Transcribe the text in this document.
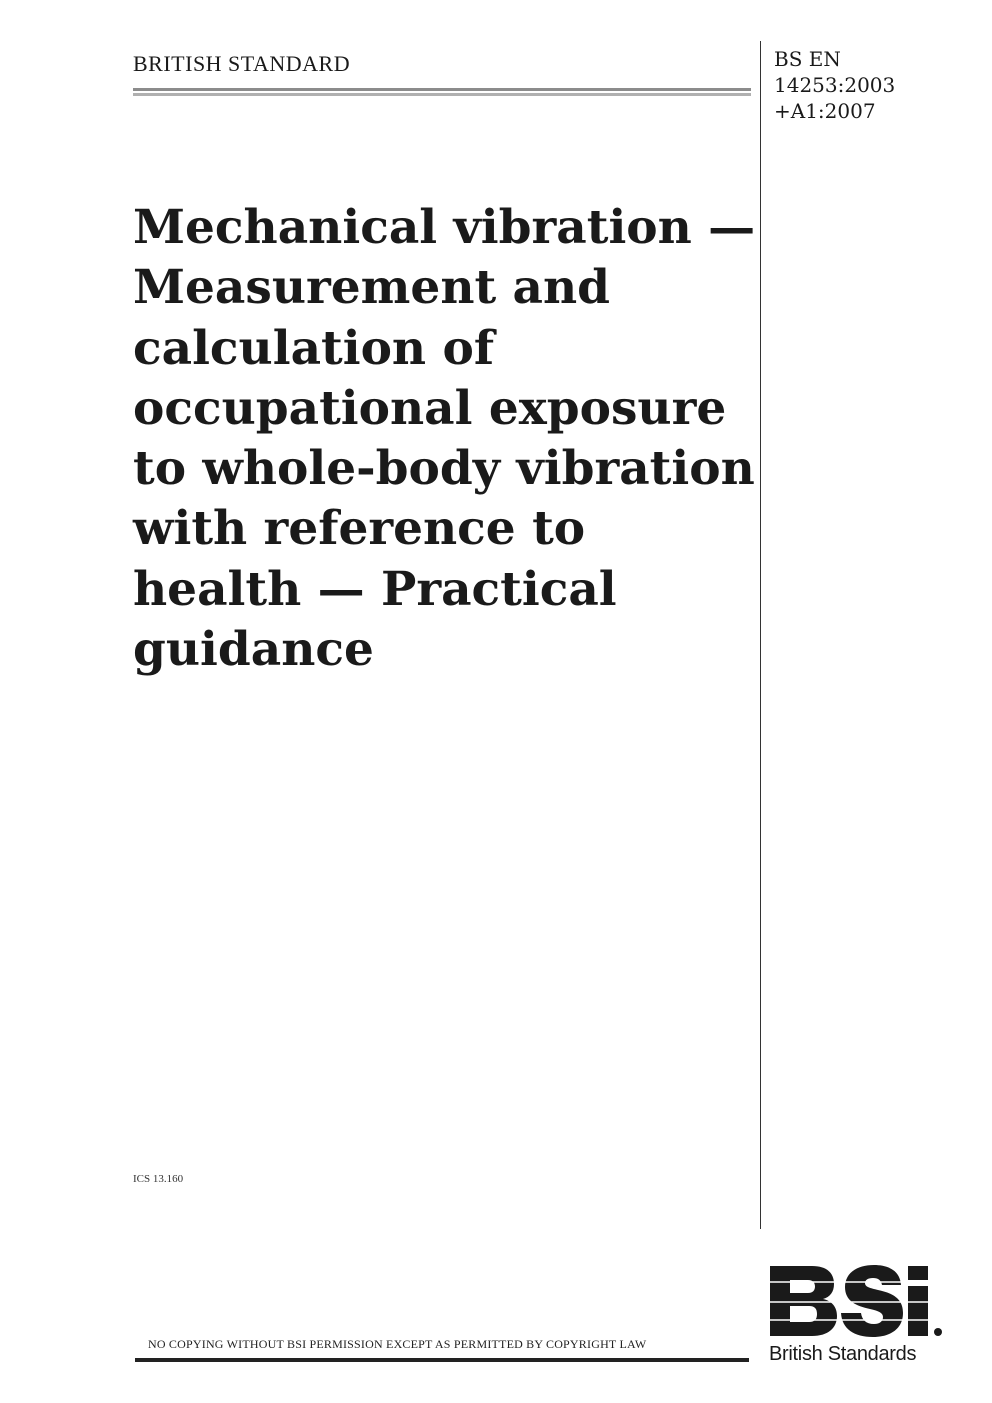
BRITISH STANDARD	BS EN
14253:2003
+A1:2007
Mechanical vibration —
Measurement and
calculation of
occupational exposure
to whole-body vibration
with reference to
health — Practical
guidance
ICS 13.160
NO COPYING WITHOUT BSI PERMISSION EXCEPT AS PERMITTED BY COPYRIGHT LAW	British Standards
